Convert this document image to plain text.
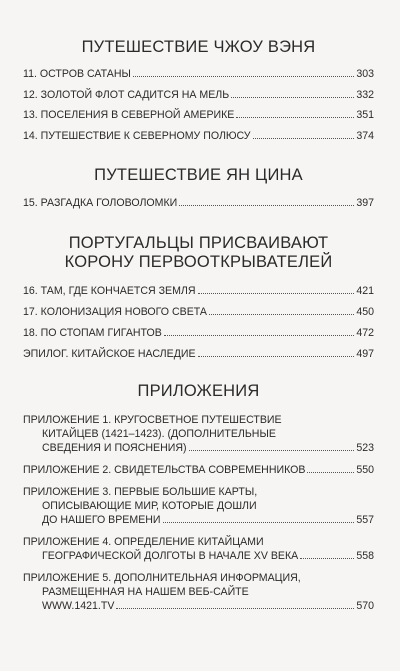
ПУТЕШЕСТВИЕ ЧЖОУ ВЭНЯ
11. ОСТРОВ САТАНЫ	303
12. ЗОЛОТОЙ ФЛОТ САДИТСЯ НА МЕЛЬ	332
13. ПОСЕЛЕНИЯ В СЕВЕРНОЙ АМЕРИКЕ	351
14. ПУТЕШЕСТВИЕ К СЕВЕРНОМУ ПОЛЮСУ	374
ПУТЕШЕСТВИЕ ЯН ЦИНА
15. РАЗГАДКА ГОЛОВОЛОМКИ	397
ПОРТУГАЛЬЦЫ ПРИСВАИВАЮТ
КОРОНУ ПЕРВООТКРЫВАТЕЛЕЙ
16. ТАМ, ГДЕ КОНЧАЕТСЯ ЗЕМЛЯ	421
17. КОЛОНИЗАЦИЯ НОВОГО СВЕТА	450
18. ПО СТОПАМ ГИГАНТОВ	472
ЭПИЛОГ. КИТАЙСКОЕ НАСЛЕДИЕ	497
ПРИЛОЖЕНИЯ
ПРИЛОЖЕНИЕ 1. КРУГОСВЕТНОЕ ПУТЕШЕСТВИЕ
КИТАЙЦЕВ (1421–1423). (ДОПОЛНИТЕЛЬНЫЕ
СВЕДЕНИЯ И ПОЯСНЕНИЯ)	523
ПРИЛОЖЕНИЕ 2. СВИДЕТЕЛЬСТВА СОВРЕМЕННИКОВ	550
ПРИЛОЖЕНИЕ 3. ПЕРВЫЕ БОЛЬШИЕ КАРТЫ,
ОПИСЫВАЮЩИЕ МИР, КОТОРЫЕ ДОШЛИ
ДО НАШЕГО ВРЕМЕНИ	557
ПРИЛОЖЕНИЕ 4. ОПРЕДЕЛЕНИЕ КИТАЙЦАМИ
ГЕОГРАФИЧЕСКОЙ ДОЛГОТЫ В НАЧАЛЕ XV ВЕКА	558
ПРИЛОЖЕНИЕ 5. ДОПОЛНИТЕЛЬНАЯ ИНФОРМАЦИЯ,
РАЗМЕЩЕННАЯ НА НАШЕМ ВЕБ-САЙТЕ
WWW.1421.TV	570
